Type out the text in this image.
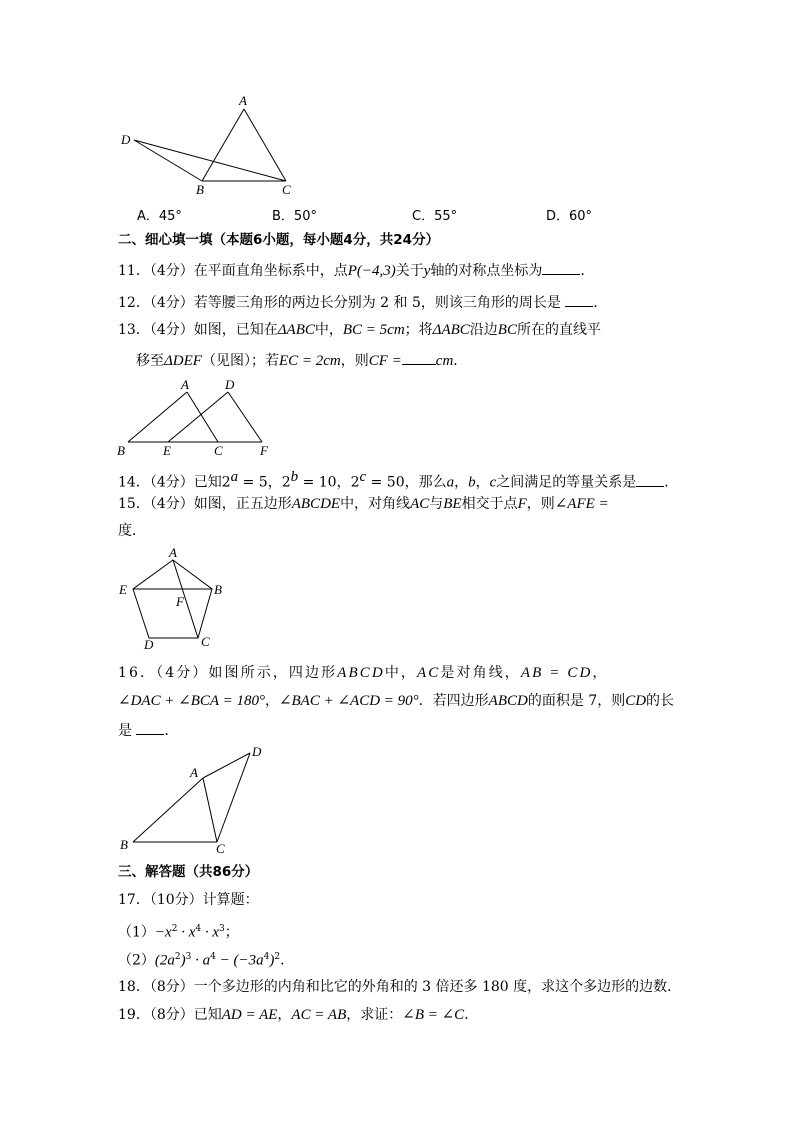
A
D
B	C
A．45°	B．50°	C．55°	D．60°
二、细心填一填（本题6小题，每小题4分，共24分）
11．（4分）在平面直角坐标系中，点P(−4,3)关于y轴的对称点坐标为	．
12．（4分）若等腰三角形的两边长分别为 2 和 5，则该三角形的周长是 ．
13．（4分）如图，已知在ΔABC中，BC = 5cm；将ΔABC沿边BC所在的直线平
移至ΔDEF（见图）；若EC = 2cm，则CF = cm．
A	D
B	E	C	F
14．（4分）已知$2^a = 5$，$2^b = 10$，$2^c = 50$，那么a，b，c之间满足的等量关系是 ．
15．（4分）如图，正五边形ABCDE中，对角线AC与BE相交于点F，则∠AFE =
度．
A
B
C
D
E
F
16．（4分）如图所示，四边形ABCD中，AC是对角线，AB = CD，
∠DAC + ∠BCA = 180°，∠BAC + ∠ACD = 90°．若四边形ABCD的面积是 7，则CD的长
是 ．
A
B	C
D
三、解答题（共86分）
17．（10分）计算题：
$(1)-x^2 \cdot x^4 \cdot x^3$；
$(2)(2a^2)^3 \cdot a^4 - (-3a^4)^2$．
18．（8分）一个多边形的内角和比它的外角和的 3 倍还多 180 度，求这个多边形的边数．
19．（8分）已知AD = AE，AC = AB，求证：∠B = ∠C．
